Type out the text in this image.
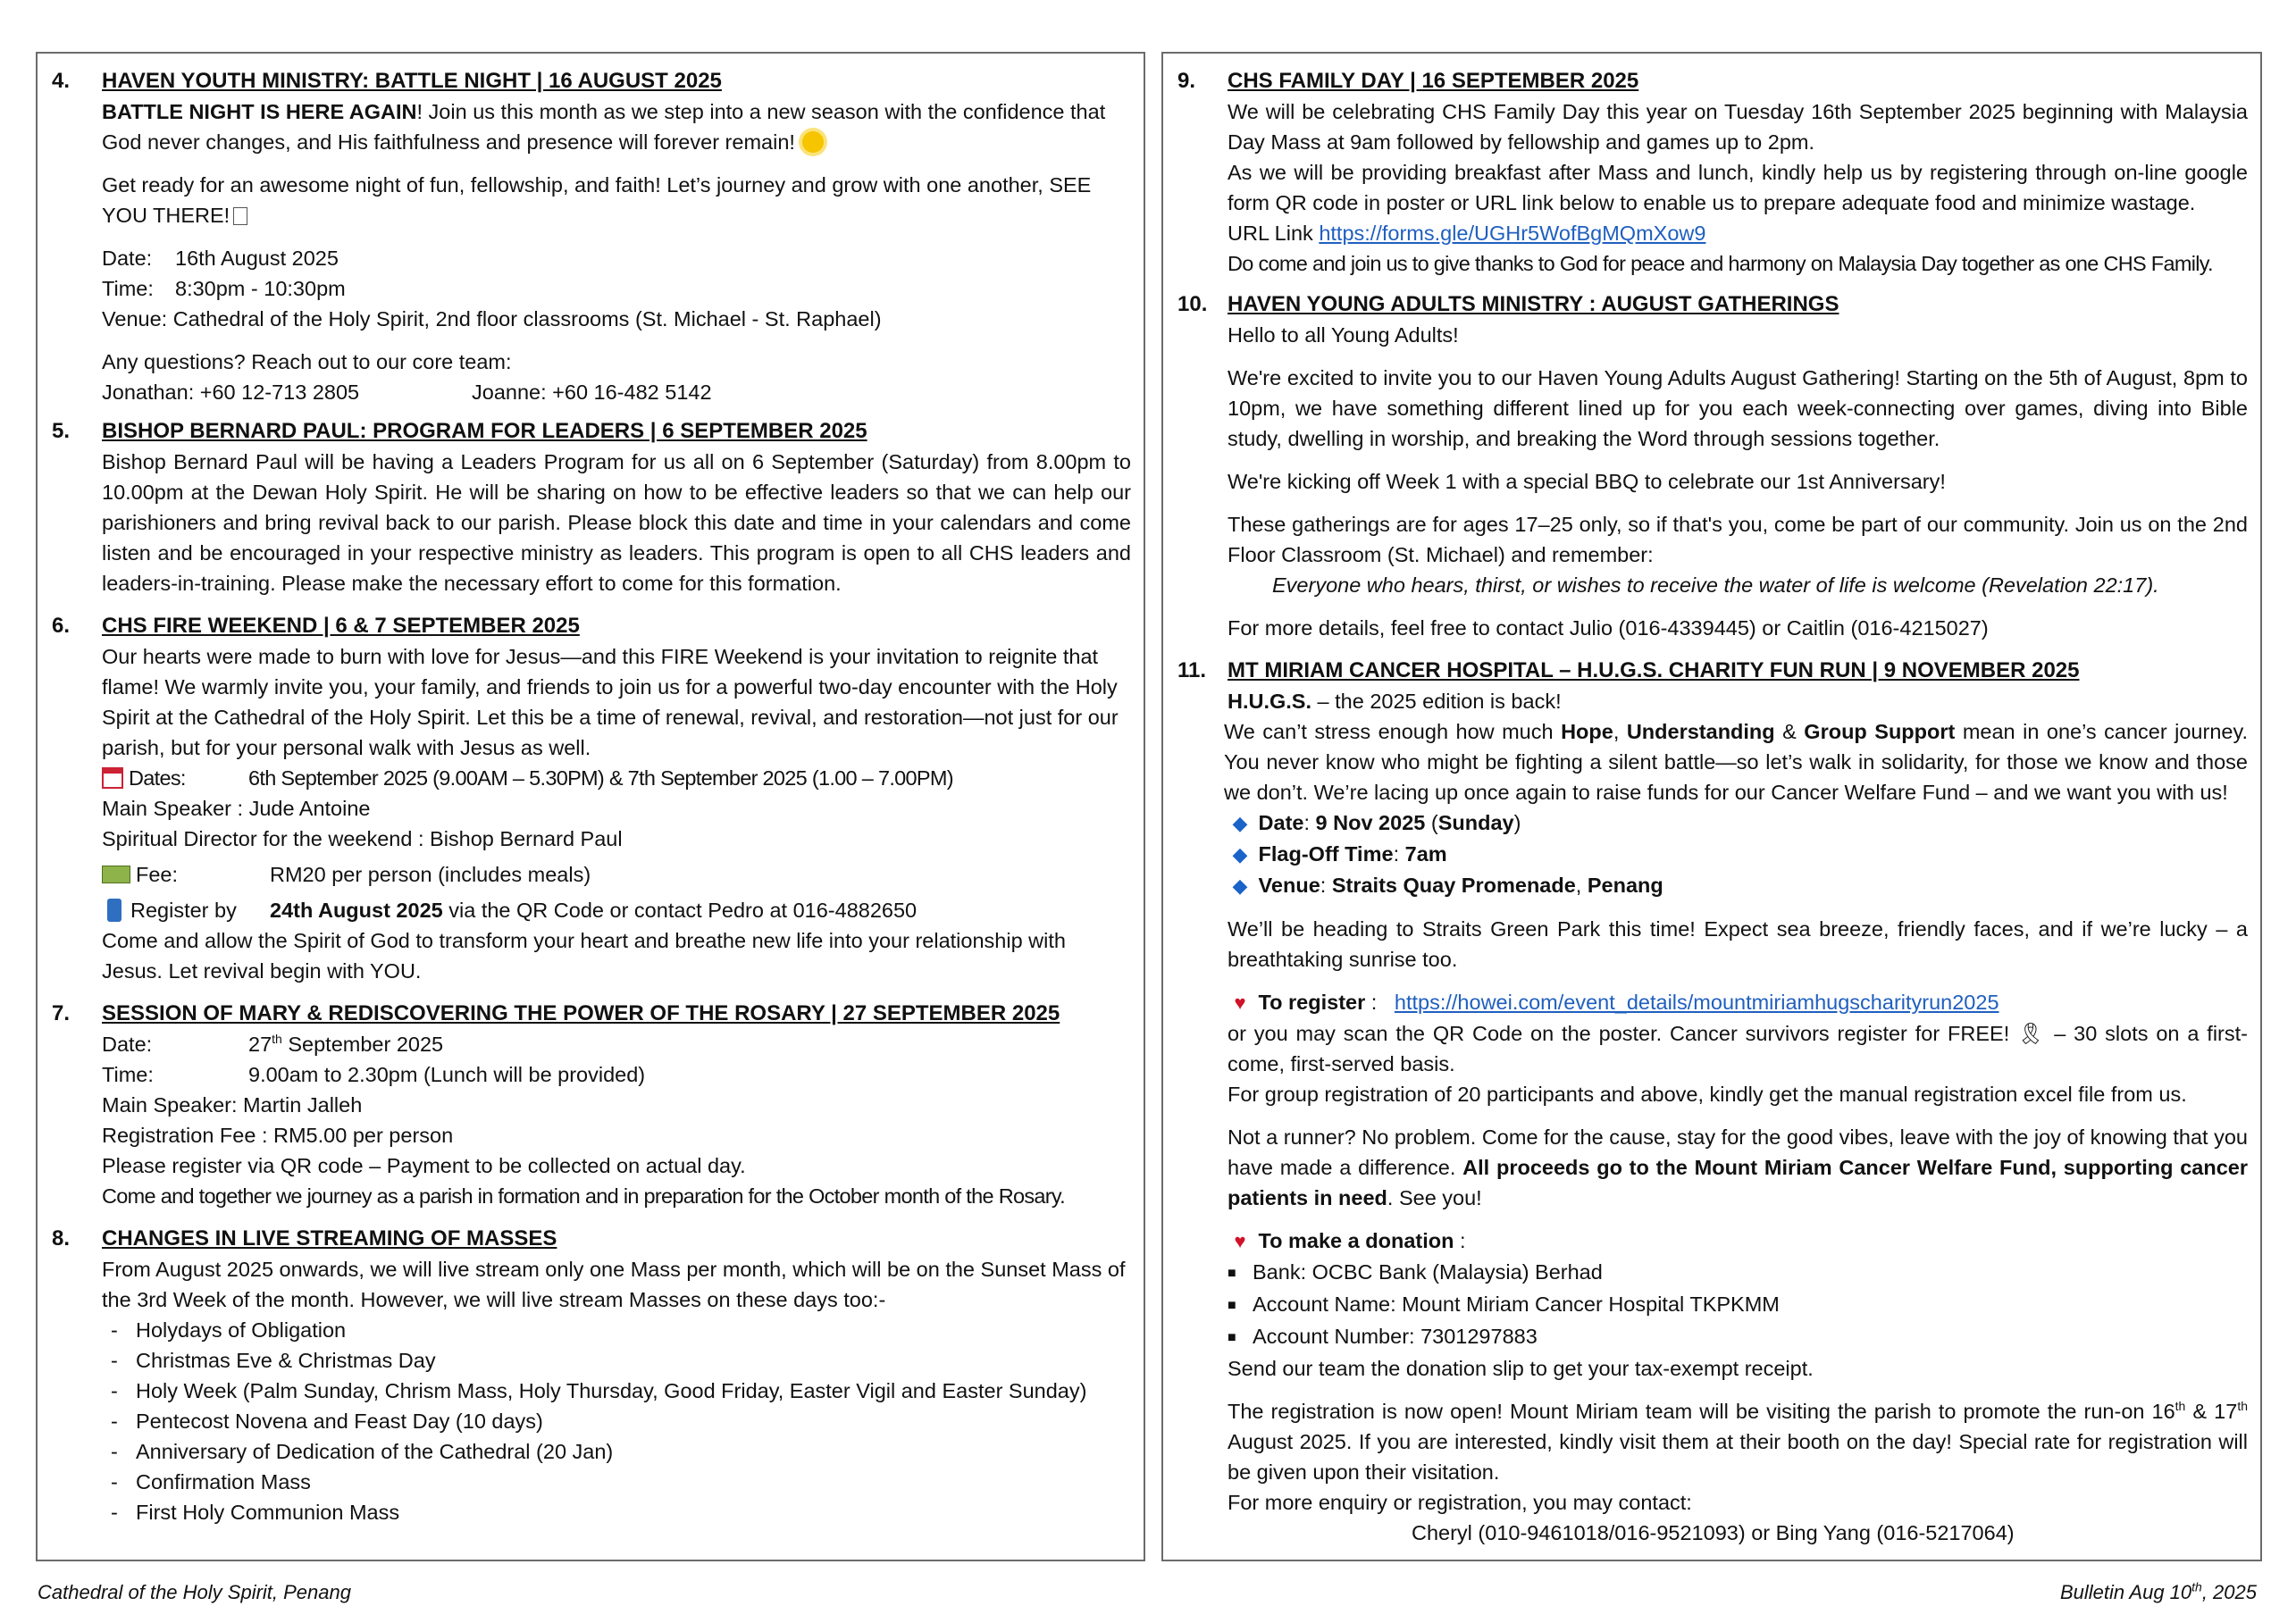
4. HAVEN YOUTH MINISTRY: BATTLE NIGHT | 16 AUGUST 2025

BATTLE NIGHT IS HERE AGAIN! Join us this month as we step into a new season with the confidence that God never changes, and His faithfulness and presence will forever remain!

Get ready for an awesome night of fun, fellowship, and faith! Let’s journey and grow with one another, SEE YOU THERE!

Date: 16th August 2025
Time: 8:30pm - 10:30pm
Venue: Cathedral of the Holy Spirit, 2nd floor classrooms (St. Michael - St. Raphael)
Any questions? Reach out to our core team:
Jonathan: +60 12-713 2805	Joanne: +60 16-482 5142
5. BISHOP BERNARD PAUL: PROGRAM FOR LEADERS | 6 SEPTEMBER 2025

Bishop Bernard Paul will be having a Leaders Program for us all on 6 September (Saturday) from 8.00pm to 10.00pm at the Dewan Holy Spirit. He will be sharing on how to be effective leaders so that we can help our parishioners and bring revival back to our parish. Please block this date and time in your calendars and come listen and be encouraged in your respective ministry as leaders. This program is open to all CHS leaders and leaders-in-training. Please make the necessary effort to come for this formation.

6. CHS FIRE WEEKEND | 6 & 7 SEPTEMBER 2025

Our hearts were made to burn with love for Jesus—and this FIRE Weekend is your invitation to reignite that flame! We warmly invite you, your family, and friends to join us for a powerful two-day encounter with the Holy Spirit at the Cathedral of the Holy Spirit. Let this be a time of renewal, revival, and restoration—not just for our parish, but for your personal walk with Jesus as well.

Dates:	6th September 2025 (9.00AM – 5.30PM) & 7th September 2025 (1.00 – 7.00PM)
Main Speaker : Jude Antoine
Spiritual Director for the weekend : Bishop Bernard Paul
Fee:	RM20 per person (includes meals)
Register by 24th August 2025 via the QR Code or contact Pedro at 016-4882650

Come and allow the Spirit of God to transform your heart and breathe new life into your relationship with Jesus. Let revival begin with YOU.

7. SESSION OF MARY & REDISCOVERING THE POWER OF THE ROSARY | 27 SEPTEMBER 2025
Date:	27th September 2025
Time:	9.00am to 2.30pm (Lunch will be provided)
Main Speaker: Martin Jalleh
Registration Fee : RM5.00 per person
Please register via QR code – Payment to be collected on actual day.
Come and together we journey as a parish in formation and in preparation for the October month of the Rosary.
8. CHANGES IN LIVE STREAMING OF MASSES

From August 2025 onwards, we will live stream only one Mass per month, which will be on the Sunset Mass of the 3rd Week of the month. However, we will live stream Masses on these days too:-

- Holydays of Obligation
- Christmas Eve & Christmas Day
- Holy Week (Palm Sunday, Chrism Mass, Holy Thursday, Good Friday, Easter Vigil and Easter Sunday)
- Pentecost Novena and Feast Day (10 days)
- Anniversary of Dedication of the Cathedral (20 Jan)
- Confirmation Mass
- First Holy Communion Mass
9. CHS FAMILY DAY | 16 SEPTEMBER 2025

We will be celebrating CHS Family Day this year on Tuesday 16th September 2025 beginning with Malaysia Day Mass at 9am followed by fellowship and games up to 2pm.

As we will be providing breakfast after Mass and lunch, kindly help us by registering through on-line google form QR code in poster or URL link below to enable us to prepare adequate food and minimize wastage.

URL Link https://forms.gle/UGHr5WofBgMQmXow9
Do come and join us to give thanks to God for peace and harmony on Malaysia Day together as one CHS Family.
10. HAVEN YOUNG ADULTS MINISTRY : AUGUST GATHERINGS
Hello to all Young Adults!

We're excited to invite you to our Haven Young Adults August Gathering! Starting on the 5th of August, 8pm to 10pm, we have something different lined up for you each week-connecting over games, diving into Bible study, dwelling in worship, and breaking the Word through sessions together.

We're kicking off Week 1 with a special BBQ to celebrate our 1st Anniversary!

These gatherings are for ages 17–25 only, so if that's you, come be part of our community. Join us on the 2nd Floor Classroom (St. Michael) and remember:

Everyone who hears, thirst, or wishes to receive the water of life is welcome (Revelation 22:17).

For more details, feel free to contact Julio (016-4339445) or Caitlin (016-4215027)

11. MT MIRIAM CANCER HOSPITAL – H.U.G.S. CHARITY FUN RUN | 9 NOVEMBER 2025
H.U.G.S. – the 2025 edition is back!

We can’t stress enough how much Hope, Understanding & Group Support mean in one’s cancer journey. You never know who might be fighting a silent battle—so let’s walk in solidarity, for those we know and those we don’t. We’re lacing up once again to raise funds for our Cancer Welfare Fund – and we want you with us!

◆ Date: 9 Nov 2025 (Sunday)
◆ Flag-Off Time: 7am
◆ Venue: Straits Quay Promenade, Penang

We’ll be heading to Straits Green Park this time! Expect sea breeze, friendly faces, and if we’re lucky – a breathtaking sunrise too.

♥ To register :   https://howei.com/event_details/mountmiriamhugscharityrun2025

or you may scan the QR Code on the poster. Cancer survivors register for FREE! 🎗 – 30 slots on a first-come, first-served basis.

For group registration of 20 participants and above, kindly get the manual registration excel file from us.

Not a runner? No problem. Come for the cause, stay for the good vibes, leave with the joy of knowing that you have made a difference. All proceeds go to the Mount Miriam Cancer Welfare Fund, supporting cancer patients in need. See you!

♥ To make a donation :
■ Bank: OCBC Bank (Malaysia) Berhad
■ Account Name: Mount Miriam Cancer Hospital TKPKMM
■ Account Number: 7301297883
Send our team the donation slip to get your tax-exempt receipt.

The registration is now open! Mount Miriam team will be visiting the parish to promote the run-on 16th & 17th August 2025. If you are interested, kindly visit them at their booth on the day! Special rate for registration will be given upon their visitation.

For more enquiry or registration, you may contact:
Cheryl (010-9461018/016-9521093) or Bing Yang (016-5217064)
Cathedral of the Holy Spirit, Penang	Bulletin Aug 10th, 2025
